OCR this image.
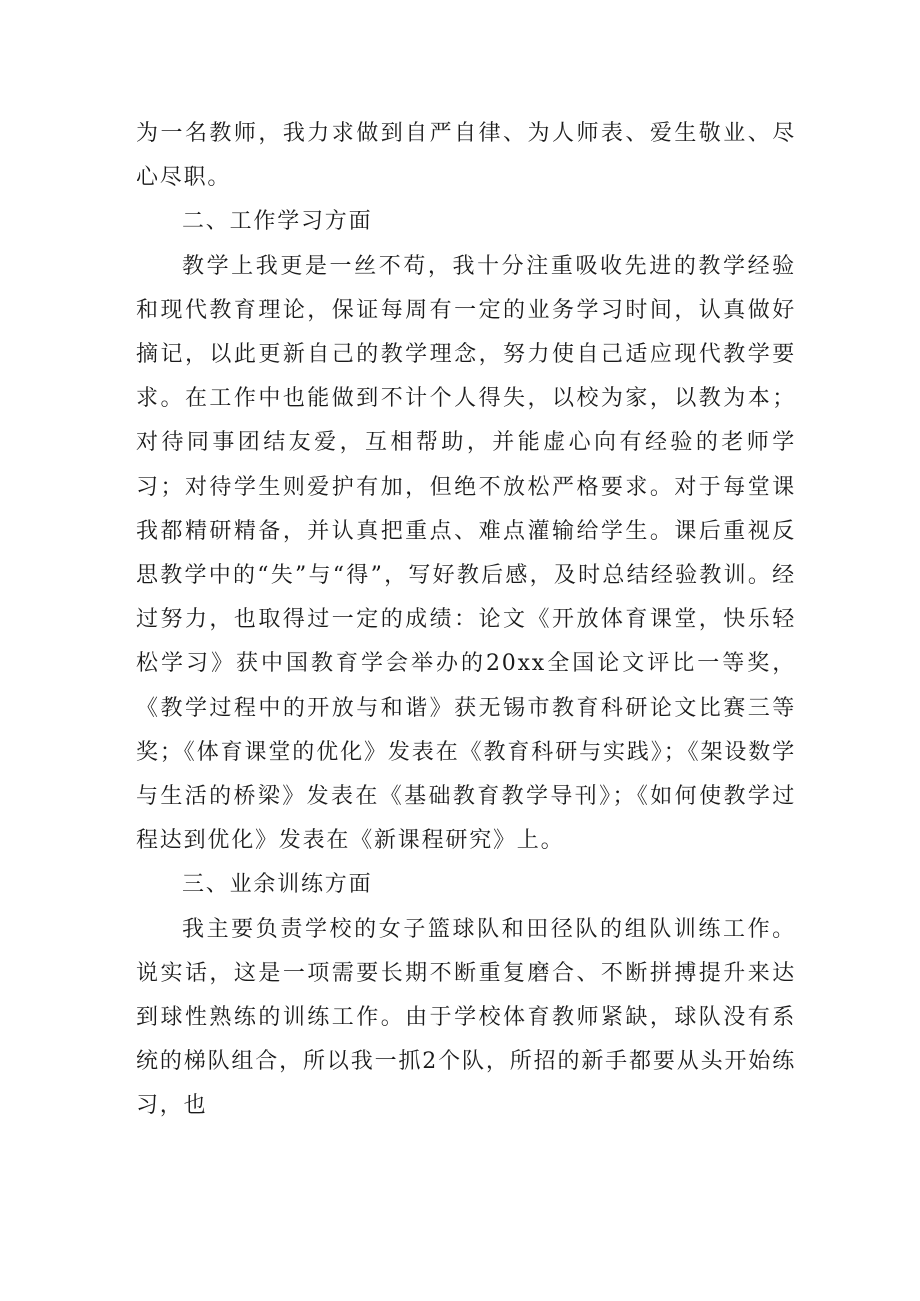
为一名教师，我力求做到自严自律、为人师表、爱生敬业、尽心尽职。

二、工作学习方面

教学上我更是一丝不苟，我十分注重吸收先进的教学经验和现代教育理论，保证每周有一定的业务学习时间，认真做好摘记，以此更新自己的教学理念，努力使自己适应现代教学要求。在工作中也能做到不计个人得失，以校为家，以教为本；对待同事团结友爱，互相帮助，并能虚心向有经验的老师学习；对待学生则爱护有加，但绝不放松严格要求。对于每堂课我都精研精备，并认真把重点、难点灌输给学生。课后重视反思教学中的“失”与“得”，写好教后感，及时总结经验教训。经过努力，也取得过一定的成绩：论文《开放体育课堂，快乐轻松学习》获中国教育学会举办的20xx全国论文评比一等奖，《教学过程中的开放与和谐》获无锡市教育科研论文比赛三等奖；《体育课堂的优化》发表在《教育科研与实践》；《架设数学与生活的桥梁》发表在《基础教育教学导刊》；《如何使教学过程达到优化》发表在《新课程研究》上。

三、业余训练方面

我主要负责学校的女子篮球队和田径队的组队训练工作。说实话，这是一项需要长期不断重复磨合、不断拼搏提升来达到球性熟练的训练工作。由于学校体育教师紧缺，球队没有系统的梯队组合，所以我一抓2个队，所招的新手都要从头开始练习，也
